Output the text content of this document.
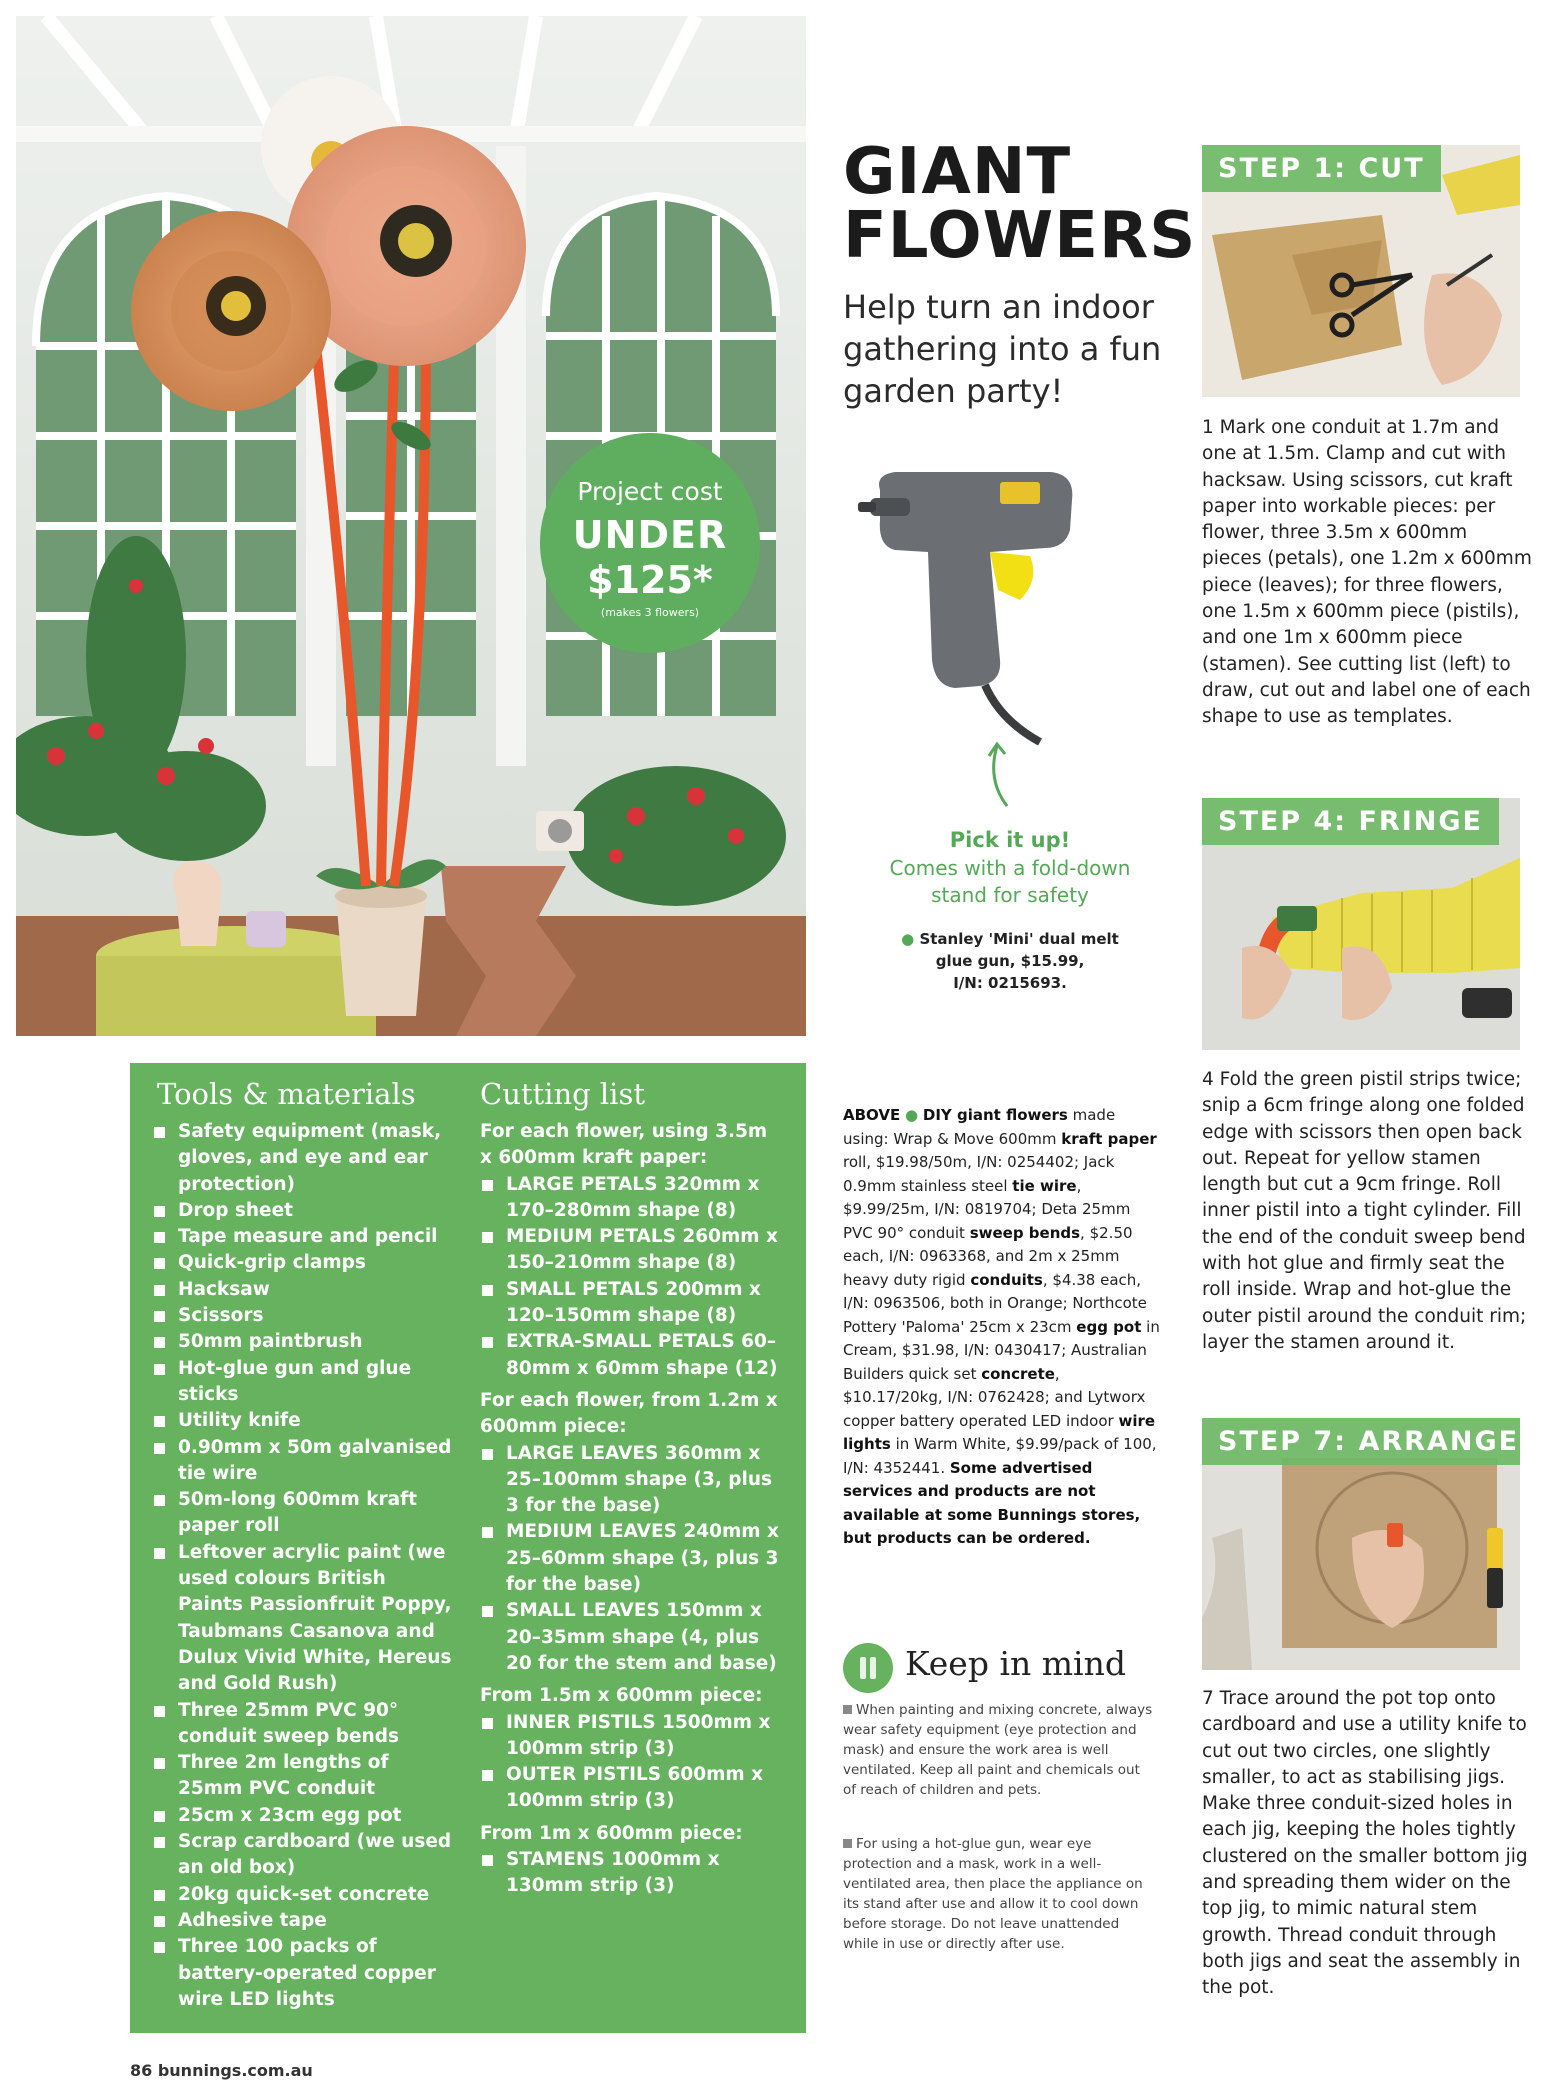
Project cost
UNDER
$125*
(makes 3 flowers)
GIANT
FLOWERS

Help turn an indoor gathering into a fun garden party!

Pick it up!
Comes with a fold-down stand for safety
● Stanley 'Mini' dual melt
glue gun, $15.99,
I/N: 0215693.
Tools & materials
Safety equipment (mask, gloves, and eye and ear protection)
Drop sheet
Tape measure and pencil
Quick-grip clamps
Hacksaw
Scissors
50mm paintbrush
Hot-glue gun and glue sticks
Utility knife
0.90mm x 50m galvanised tie wire
50m-long 600mm kraft paper roll
Leftover acrylic paint (we used colours British Paints Passionfruit Poppy, Taubmans Casanova and Dulux Vivid White, Hereus and Gold Rush)
Three 25mm PVC 90° conduit sweep bends
Three 2m lengths of 25mm PVC conduit
25cm x 23cm egg pot
Scrap cardboard (we used an old box)
20kg quick-set concrete
Adhesive tape
Three 100 packs of battery-operated copper wire LED lights
Cutting list
For each flower, using 3.5m x 600mm kraft paper:
LARGE PETALS 320mm x 170–280mm shape (8)
MEDIUM PETALS 260mm x 150–210mm shape (8)
SMALL PETALS 200mm x 120–150mm shape (8)
EXTRA-SMALL PETALS 60–80mm x 60mm shape (12)
For each flower, from 1.2m x 600mm piece:
LARGE LEAVES 360mm x 25–100mm shape (3, plus 3 for the base)
MEDIUM LEAVES 240mm x 25–60mm shape (3, plus 3 for the base)
SMALL LEAVES 150mm x 20–35mm shape (4, plus 20 for the stem and base)
From 1.5m x 600mm piece:
INNER PISTILS 1500mm x 100mm strip (3)
OUTER PISTILS 600mm x 100mm strip (3)
From 1m x 600mm piece:
STAMENS 1000mm x 130mm strip (3)
ABOVE ● DIY giant flowers made using: Wrap & Move 600mm kraft paper roll, $19.98/50m, I/N: 0254402; Jack 0.9mm stainless steel tie wire, $9.99/25m, I/N: 0819704; Deta 25mm PVC 90° conduit sweep bends, $2.50 each, I/N: 0963368, and 2m x 25mm heavy duty rigid conduits, $4.38 each, I/N: 0963506, both in Orange; Northcote Pottery 'Paloma' 25cm x 23cm egg pot in Cream, $31.98, I/N: 0430417; Australian Builders quick set concrete, $10.17/20kg, I/N: 0762428; and Lytworx copper battery operated LED indoor wire lights in Warm White, $9.99/pack of 100, I/N: 4352441. Some advertised services and products are not available at some Bunnings stores, but products can be ordered.
Keep in mind

When painting and mixing concrete, always wear safety equipment (eye protection and mask) and ensure the work area is well ventilated. Keep all paint and chemicals out of reach of children and pets.

For using a hot-glue gun, wear eye protection and a mask, work in a well-ventilated area, then place the appliance on its stand after use and allow it to cool down before storage. Do not leave unattended while in use or directly after use.

STEP 1: CUT

1 Mark one conduit at 1.7m and one at 1.5m. Clamp and cut with hacksaw. Using scissors, cut kraft paper into workable pieces: per flower, three 3.5m x 600mm pieces (petals), one 1.2m x 600mm piece (leaves); for three flowers, one 1.5m x 600mm piece (pistils), and one 1m x 600mm piece (stamen). See cutting list (left) to draw, cut out and label one of each shape to use as templates.

STEP 4: FRINGE

4 Fold the green pistil strips twice; snip a 6cm fringe along one folded edge with scissors then open back out. Repeat for yellow stamen length but cut a 9cm fringe. Roll inner pistil into a tight cylinder. Fill the end of the conduit sweep bend with hot glue and firmly seat the roll inside. Wrap and hot-glue the outer pistil around the conduit rim; layer the stamen around it.

STEP 7: ARRANGE

7 Trace around the pot top onto cardboard and use a utility knife to cut out two circles, one slightly smaller, to act as stabilising jigs. Make three conduit-sized holes in each jig, keeping the holes tightly clustered on the smaller bottom jig and spreading them wider on the top jig, to mimic natural stem growth. Thread conduit through both jigs and seat the assembly in the pot.

86 bunnings.com.au
